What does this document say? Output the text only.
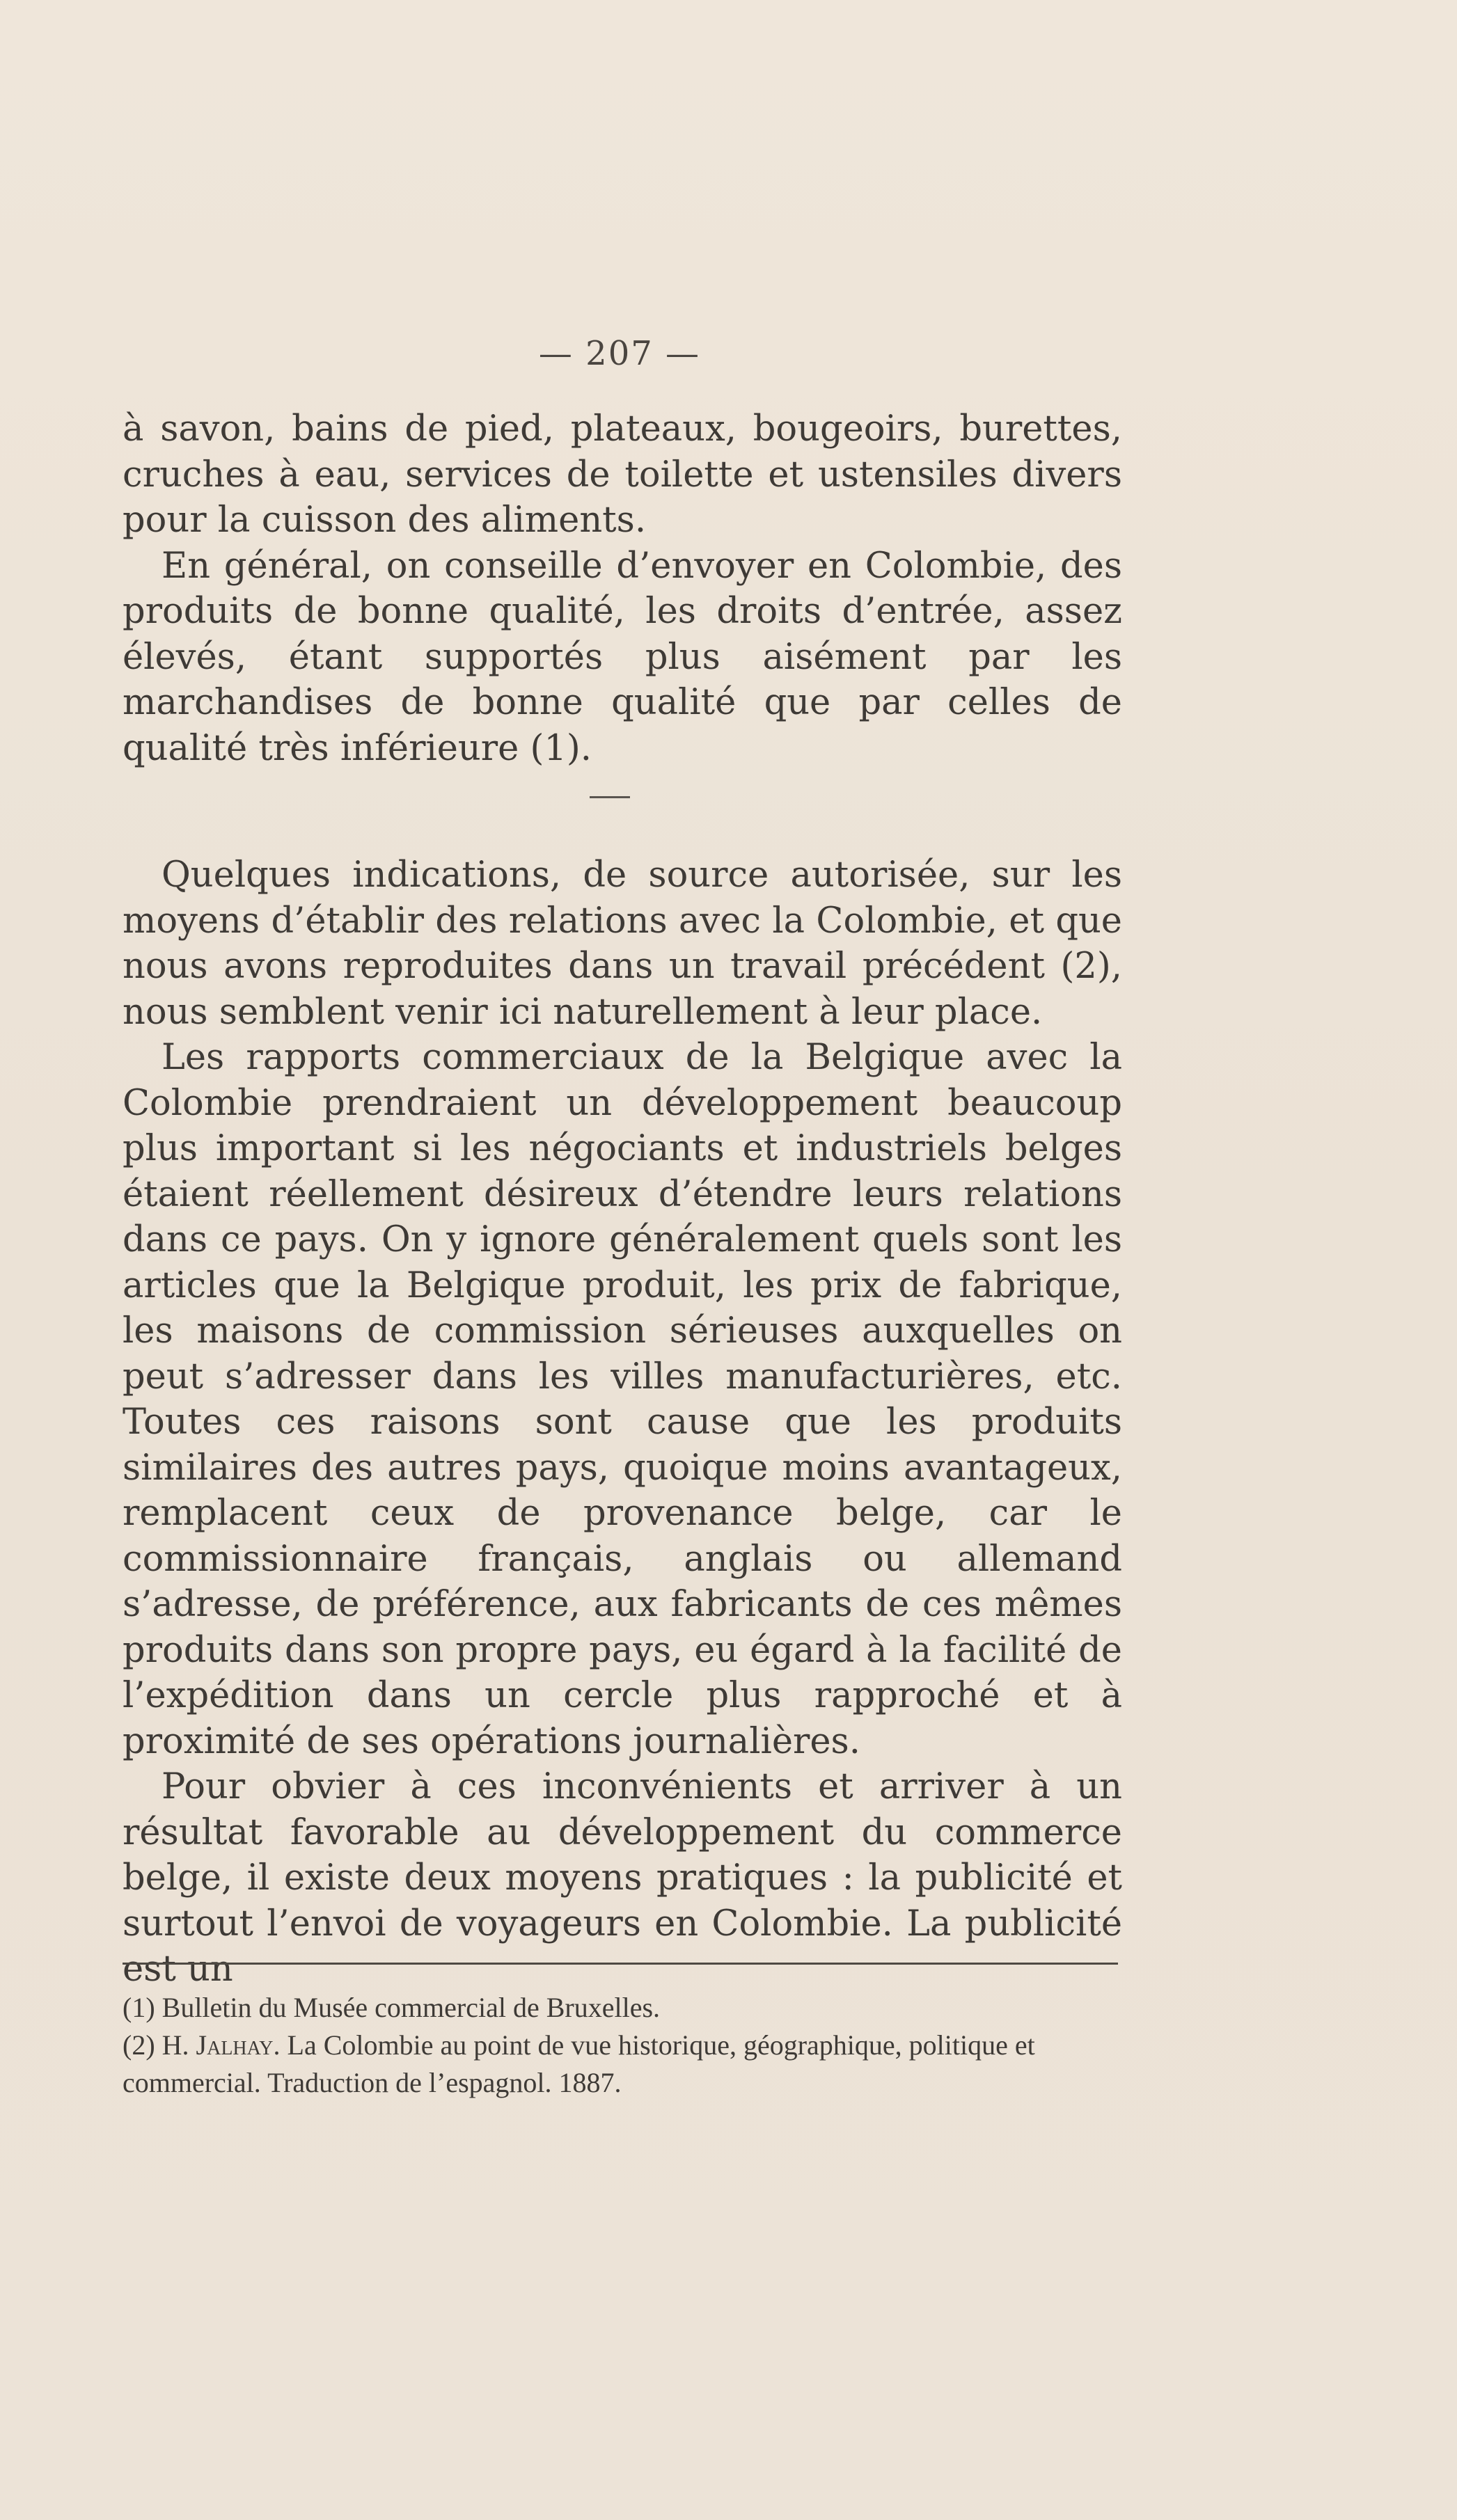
— 207 —

à savon, bains de pied, plateaux, bougeoirs, burettes, cruches à eau, services de toilette et ustensiles divers pour la cuisson des aliments.

En général, on conseille d’envoyer en Colombie, des produits de bonne qualité, les droits d’entrée, assez élevés, étant supportés plus aisément par les marchandises de bonne qualité que par celles de qualité très inférieure (1).

Quelques indications, de source autorisée, sur les moyens d’établir des relations avec la Colombie, et que nous avons reproduites dans un travail précédent (2), nous semblent venir ici naturellement à leur place.

Les rapports commerciaux de la Belgique avec la Colombie prendraient un développement beaucoup plus important si les négociants et industriels belges étaient réellement désireux d’étendre leurs relations dans ce pays. On y ignore généralement quels sont les articles que la Belgique produit, les prix de fabrique, les maisons de commission sérieuses auxquelles on peut s’adresser dans les villes manufacturières, etc. Toutes ces raisons sont cause que les produits similaires des autres pays, quoique moins avantageux, remplacent ceux de provenance belge, car le commissionnaire français, anglais ou allemand s’adresse, de préférence, aux fabricants de ces mêmes produits dans son propre pays, eu égard à la facilité de l’expédition dans un cercle plus rapproché et à proximité de ses opérations journalières.

Pour obvier à ces inconvénients et arriver à un résultat favorable au développement du commerce belge, il existe deux moyens pratiques : la publicité et surtout l’envoi de voyageurs en Colombie. La publicité est un

(1) Bulletin du Musée commercial de Bruxelles.

(2) H. Jalhay. La Colombie au point de vue historique, géographique, politique et commercial. Traduction de l’espagnol. 1887.
